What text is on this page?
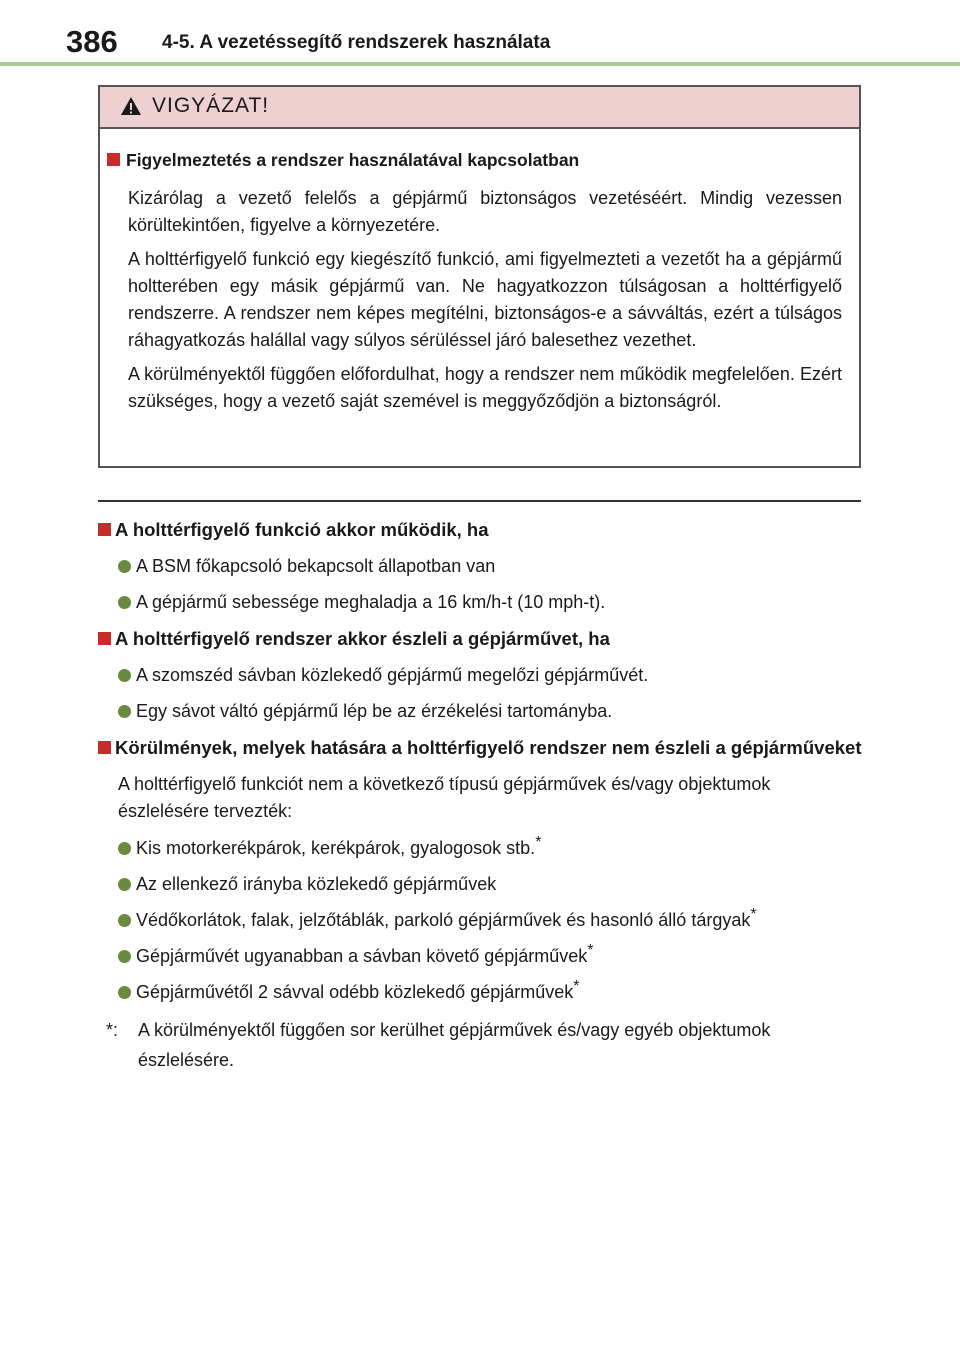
386 4-5. A vezetéssegítő rendszerek használata
VIGYÁZAT!

Figyelmeztetés a rendszer használatával kapcsolatban

Kizárólag a vezető felelős a gépjármű biztonságos vezetéséért. Mindig vezessen körültekintően, figyelve a környezetére.

A holttérfigyelő funkció egy kiegészítő funkció, ami figyelmezteti a vezetőt ha a gépjármű holtterében egy másik gépjármű van. Ne hagyatkozzon túlságosan a holttérfigyelő rendszerre. A rendszer nem képes megítélni, biztonságos-e a sávváltás, ezért a túlságos ráhagyatkozás halállal vagy súlyos sérüléssel járó balesethez vezethet.

A körülményektől függően előfordulhat, hogy a rendszer nem működik megfelelően. Ezért szükséges, hogy a vezető saját szemével is meggyőződjön a biztonságról.

A holttérfigyelő funkció akkor működik, ha

A BSM főkapcsoló bekapcsolt állapotban van

A gépjármű sebessége meghaladja a 16 km/h-t (10 mph-t).

A holttérfigyelő rendszer akkor észleli a gépjárművet, ha

A szomszéd sávban közlekedő gépjármű megelőzi gépjárművét.

Egy sávot váltó gépjármű lép be az érzékelési tartományba.

Körülmények, melyek hatására a holttérfigyelő rendszer nem észleli a gépjárműveket

A holttérfigyelő funkciót nem a következő típusú gépjárművek és/vagy objektumok észlelésére tervezték:

Kis motorkerékpárok, kerékpárok, gyalogosok stb.*

Az ellenkező irányba közlekedő gépjárművek

Védőkorlátok, falak, jelzőtáblák, parkoló gépjárművek és hasonló álló tárgyak*

Gépjárművét ugyanabban a sávban követő gépjárművek*

Gépjárművétől 2 sávval odébb közlekedő gépjárművek*

*: A körülményektől függően sor kerülhet gépjárművek és/vagy egyéb objektumok észlelésére.
